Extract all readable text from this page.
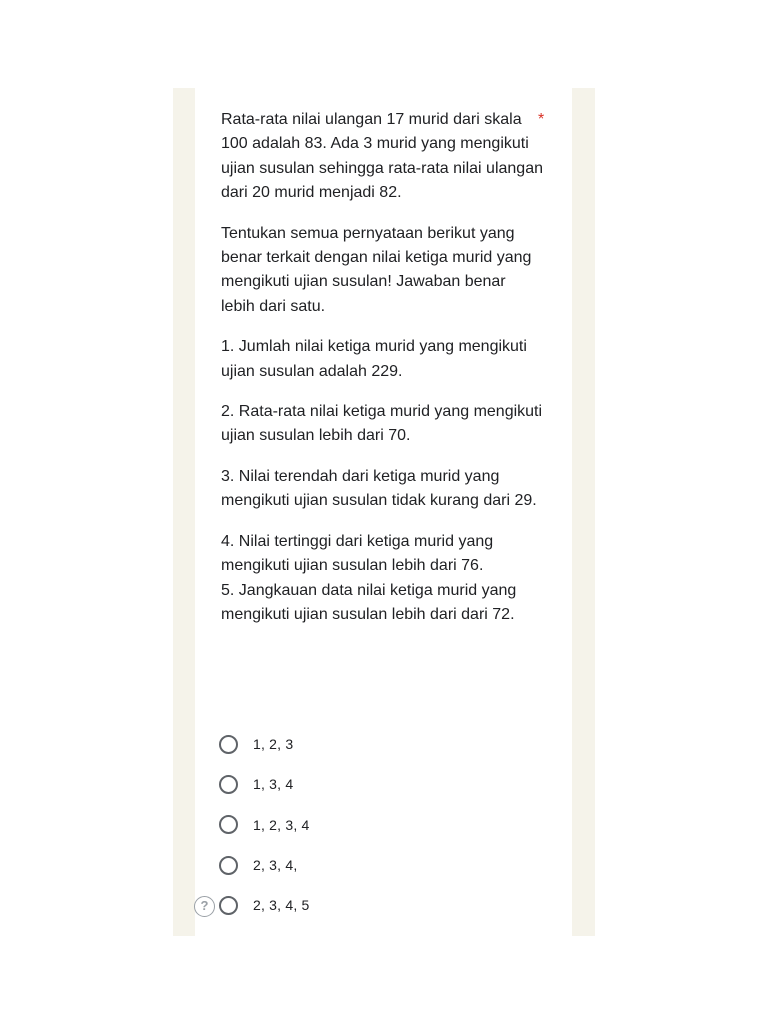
Rata-rata nilai ulangan 17 murid dari skala 100 adalah 83. Ada 3 murid yang mengikuti ujian susulan sehingga rata-rata nilai ulangan dari 20 murid menjadi 82.

Tentukan semua pernyataan berikut yang benar terkait dengan nilai ketiga murid yang mengikuti ujian susulan! Jawaban benar lebih dari satu.

1. Jumlah nilai ketiga murid yang mengikuti ujian susulan adalah 229.

2. Rata-rata nilai ketiga murid yang mengikuti ujian susulan lebih dari 70.

3. Nilai terendah dari ketiga murid yang mengikuti ujian susulan tidak kurang dari 29.

4. Nilai tertinggi dari ketiga murid yang mengikuti ujian susulan lebih dari 76.

5. Jangkauan data nilai ketiga murid yang mengikuti ujian susulan lebih dari dari 72.

*
1, 2, 3
1, 3, 4
1, 2, 3, 4
2, 3, 4,
2, 3, 4, 5
?
